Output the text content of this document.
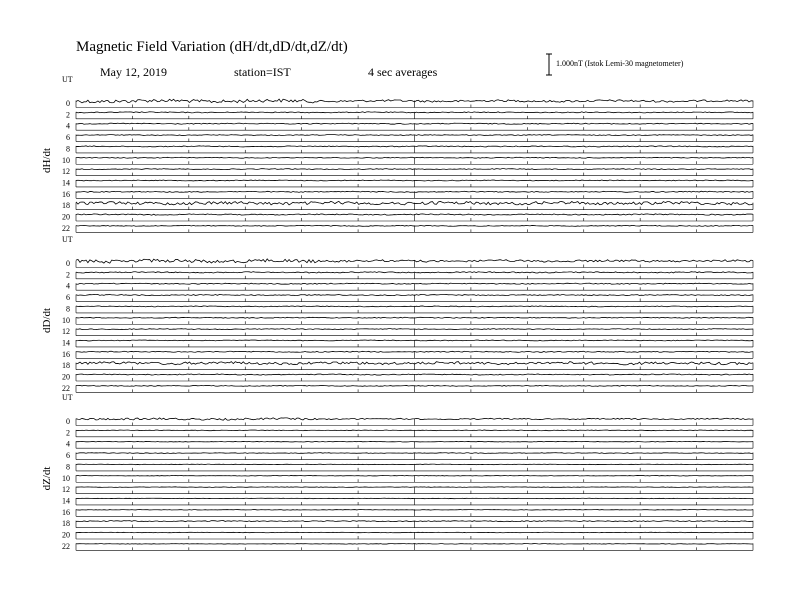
Magnetic Field Variation (dH/dt,dD/dt,dZ/dt)
May 12, 2019	station=IST	4 sec averages
1.000nT (Istok Lemi-30 magnetometer)
UT
dH/dt
0
2
4
6
8
10
12
14
16
18
20
22
UT
dD/dt
0
2
4
6
8
10
12
14
16
18
20
22
UT
dZ/dt
0
2
4
6
8
10
12
14
16
18
20
22
